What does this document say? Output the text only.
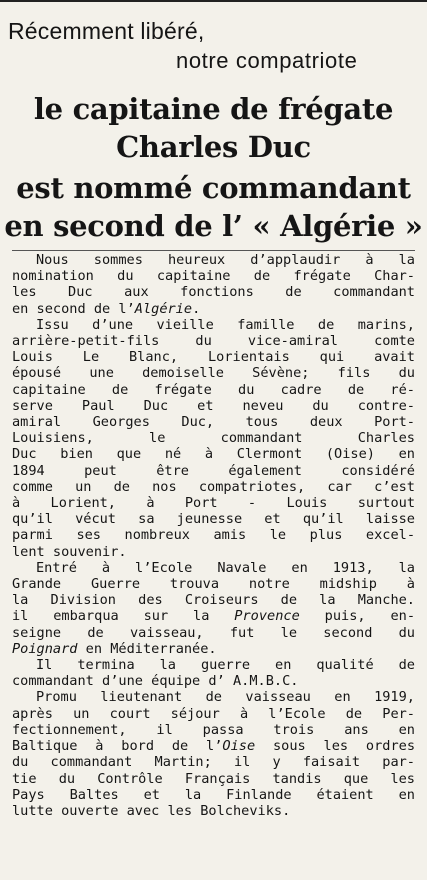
Récemment libéré,
notre compatriote
le capitaine de frégate
Charles Duc
est nommé commandant
en second de l’ « Algérie »

Nous sommes heureux d’applaudir à la
nomination du capitaine de frégate Char-
les Duc aux fonctions de commandant
en second de l’Algérie.

Issu d’une vieille famille de marins,
arrière-petit-fils du vice-amiral comte
Louis Le Blanc, Lorientais qui avait
épousé une demoiselle Sévène; fils du
capitaine de frégate du cadre de ré-
serve Paul Duc et neveu du contre-
amiral Georges Duc, tous deux Port-
Louisiens, le commandant Charles
Duc bien que né à Clermont (Oise) en
1894 peut être également considéré
comme un de nos compatriotes, car c’est
à Lorient, à Port - Louis surtout
qu’il vécut sa jeunesse et qu’il laisse
parmi ses nombreux amis le plus excel-
lent souvenir.

Entré à l’Ecole Navale en 1913, la
Grande Guerre trouva notre midship à
la Division des Croiseurs de la Manche.
il embarqua sur la Provence puis, en-
seigne de vaisseau, fut le second du
Poignard en Méditerranée.

Il termina la guerre en qualité de
commandant d’une équipe d’ A.M.B.C.

Promu lieutenant de vaisseau en 1919,
après un court séjour à l’Ecole de Per-
fectionnement, il passa trois ans en
Baltique à bord de l’Oise sous les ordres
du commandant Martin; il y faisait par-
tie du Contrôle Français tandis que les
Pays Baltes et la Finlande étaient en
lutte ouverte avec les Bolcheviks.
